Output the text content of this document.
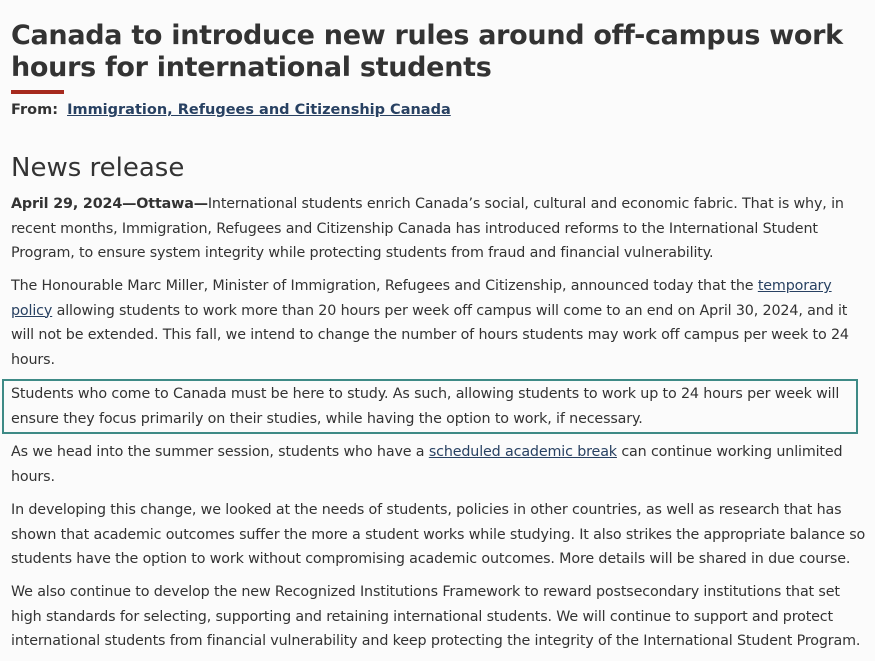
Canada to introduce new rules around off-campus work hours for international students
From: Immigration, Refugees and Citizenship Canada
News release

April 29, 2024—Ottawa—International students enrich Canada’s social, cultural and economic fabric. That is why, in recent months, Immigration, Refugees and Citizenship Canada has introduced reforms to the International Student Program, to ensure system integrity while protecting students from fraud and financial vulnerability.

The Honourable Marc Miller, Minister of Immigration, Refugees and Citizenship, announced today that the temporary policy allowing students to work more than 20 hours per week off campus will come to an end on April 30, 2024, and it will not be extended. This fall, we intend to change the number of hours students may work off campus per week to 24 hours.

Students who come to Canada must be here to study. As such, allowing students to work up to 24 hours per week will ensure they focus primarily on their studies, while having the option to work, if necessary.

As we head into the summer session, students who have a scheduled academic break can continue working unlimited hours.

In developing this change, we looked at the needs of students, policies in other countries, as well as research that has shown that academic outcomes suffer the more a student works while studying. It also strikes the appropriate balance so students have the option to work without compromising academic outcomes. More details will be shared in due course.

We also continue to develop the new Recognized Institutions Framework to reward postsecondary institutions that set high standards for selecting, supporting and retaining international students. We will continue to support and protect international students from financial vulnerability and keep protecting the integrity of the International Student Program.
